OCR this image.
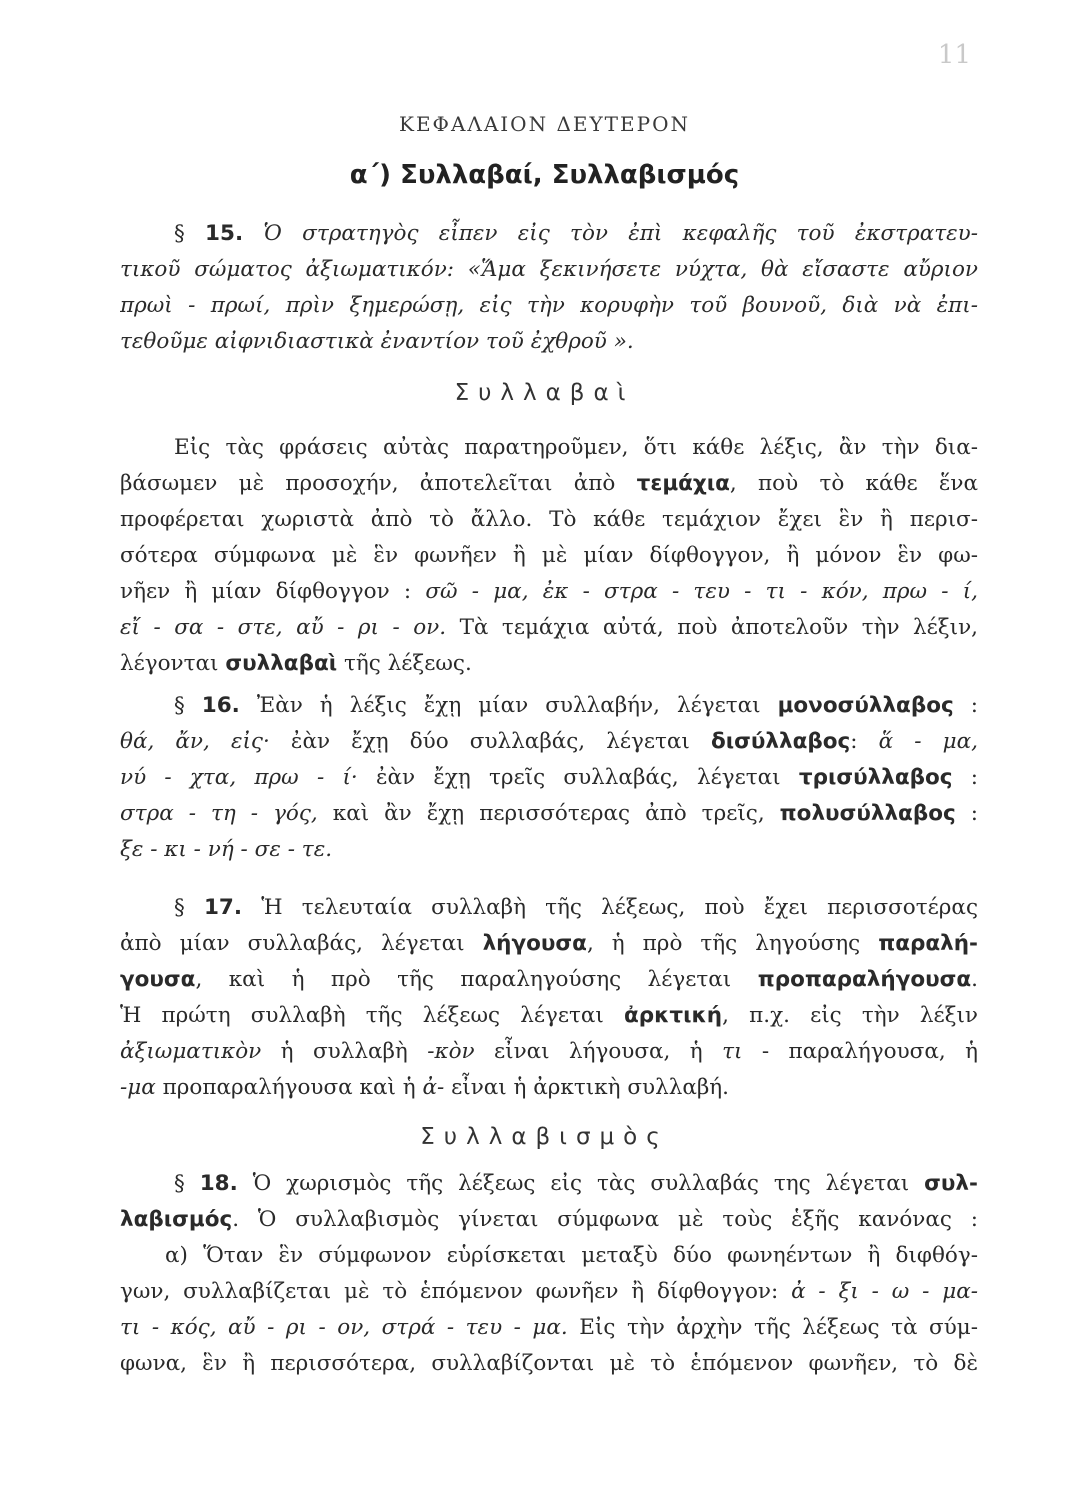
11
ΚΕΦΑΛΑΙΟΝ ΔΕΥΤΕΡΟΝ
α΄) Συλλαβαί, Συλλαβισμός
§ 15. Ὁ στρατηγὸς εἶπεν εἰς τὸν ἐπὶ κεφαλῆς τοῦ ἐκστρατευ-
τικοῦ σώματος ἀξιωματικόν: «Ἅμα ξεκινήσετε νύχτα, θὰ εἴσαστε αὔριον
πρωὶ - πρωί, πρὶν ξημερώσῃ, εἰς τὴν κορυφὴν τοῦ βουνοῦ, διὰ νὰ ἐπι-
τεθοῦμε αἰφνιδιαστικὰ ἐναντίον τοῦ ἐχθροῦ ».
Συλλαβαὶ
Εἰς τὰς φράσεις αὐτὰς παρατηροῦμεν, ὅτι κάθε λέξις, ἂν τὴν δια-
βάσωμεν μὲ προσοχήν, ἀποτελεῖται ἀπὸ τεμάχια, ποὺ τὸ κάθε ἕνα
προφέρεται χωριστὰ ἀπὸ τὸ ἄλλο. Τὸ κάθε τεμάχιον ἔχει ἓν ἢ περισ-
σότερα σύμφωνα μὲ ἓν φωνῆεν ἢ μὲ μίαν δίφθογγον, ἢ μόνον ἓν φω-
νῆεν ἢ μίαν δίφθογγον : σῶ - μα, ἐκ - στρα - τευ - τι - κόν, πρω - ί,
εἴ - σα - στε, αὔ - ρι - ον. Τὰ τεμάχια αὐτά, ποὺ ἀποτελοῦν τὴν λέξιν,
λέγονται συλλαβαὶ τῆς λέξεως.
§ 16. Ἐὰν ἡ λέξις ἔχῃ μίαν συλλαβήν, λέγεται μονοσύλλαβος :
θά, ἄν, εἰς· ἐὰν ἔχῃ δύο συλλαβάς, λέγεται δισύλλαβος: ἅ - μα,
νύ - χτα, πρω - ί· ἐὰν ἔχῃ τρεῖς συλλαβάς, λέγεται τρισύλλαβος :
στρα - τη - γός, καὶ ἂν ἔχῃ περισσότερας ἀπὸ τρεῖς, πολυσύλλαβος :
ξε - κι - νή - σε - τε.
§ 17. Ἡ τελευταία συλλαβὴ τῆς λέξεως, ποὺ ἔχει περισσοτέρας
ἀπὸ μίαν συλλαβάς, λέγεται λήγουσα, ἡ πρὸ τῆς ληγούσης παραλή-
γουσα, καὶ ἡ πρὸ τῆς παραληγούσης λέγεται προπαραλήγουσα.
Ἡ πρώτη συλλαβὴ τῆς λέξεως λέγεται ἀρκτική, π.χ. εἰς τὴν λέξιν
ἀξιωματικὸν ἡ συλλαβὴ -κὸν εἶναι λήγουσα, ἡ τι - παραλήγουσα, ἡ
-μα προπαραλήγουσα καὶ ἡ ἀ- εἶναι ἡ ἀρκτικὴ συλλαβή.
Συλλαβισμὸς
§ 18. Ὁ χωρισμὸς τῆς λέξεως εἰς τὰς συλλαβάς της λέγεται συλ-
λαβισμός. Ὁ συλλαβισμὸς γίνεται σύμφωνα μὲ τοὺς ἑξῆς κανόνας :
α) Ὅταν ἓν σύμφωνον εὑρίσκεται μεταξὺ δύο φωνηέντων ἢ διφθόγ-
γων, συλλαβίζεται μὲ τὸ ἑπόμενον φωνῆεν ἢ δίφθογγον: ἀ - ξι - ω - μα-
τι - κός, αὔ - ρι - ον, στρά - τευ - μα. Εἰς τὴν ἀρχὴν τῆς λέξεως τὰ σύμ-
φωνα, ἓν ἢ περισσότερα, συλλαβίζονται μὲ τὸ ἑπόμενον φωνῆεν, τὸ δὲ
